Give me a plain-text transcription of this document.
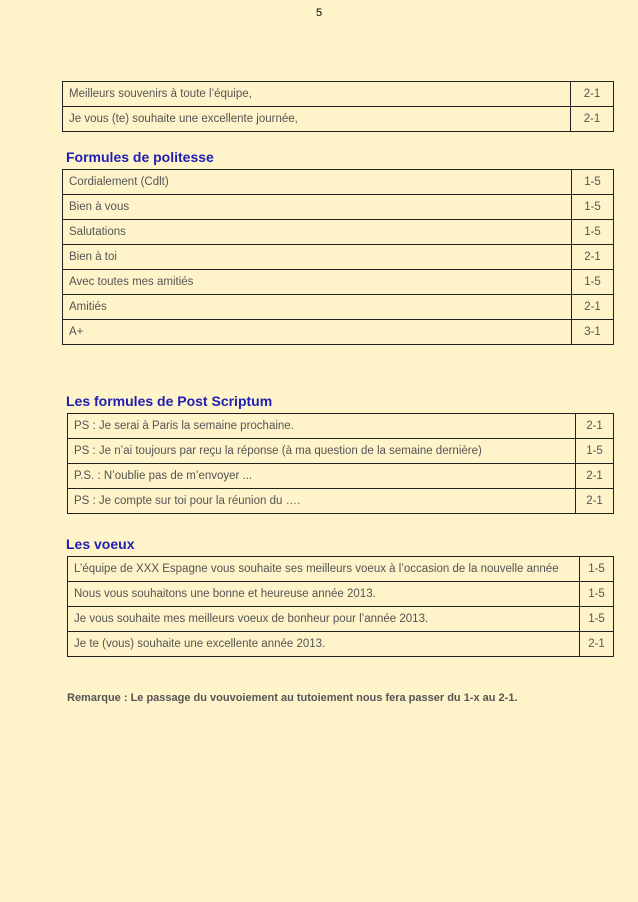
5
Meilleurs souvenirs à toute l’équipe,	2-1
Je vous (te) souhaite une excellente journée,	2-1
Formules de politesse
Cordialement (Cdlt)	1-5
Bien à vous	1-5
Salutations	1-5
Bien à toi	2-1
Avec toutes mes amitiés	1-5
Amitiés	2-1
A+	3-1
Les formules de Post Scriptum
PS : Je serai à Paris la semaine prochaine.	2-1
PS : Je n’ai toujours par reçu la réponse (à ma question de la semaine dernière)	1-5
P.S. : N’oublie pas de m’envoyer ...	2-1
PS : Je compte sur toi pour la réunion du ….	2-1
Les voeux
L’équipe de XXX Espagne vous souhaite ses meilleurs voeux à l’occasion de la nouvelle année	1-5
Nous vous souhaitons une bonne et heureuse année 2013.	1-5
Je vous souhaite mes meilleurs voeux de bonheur pour l’année 2013.	1-5
Je te (vous) souhaite une excellente année 2013.	2-1

Remarque : Le passage du vouvoiement au tutoiement nous fera passer du 1-x au 2-1.
